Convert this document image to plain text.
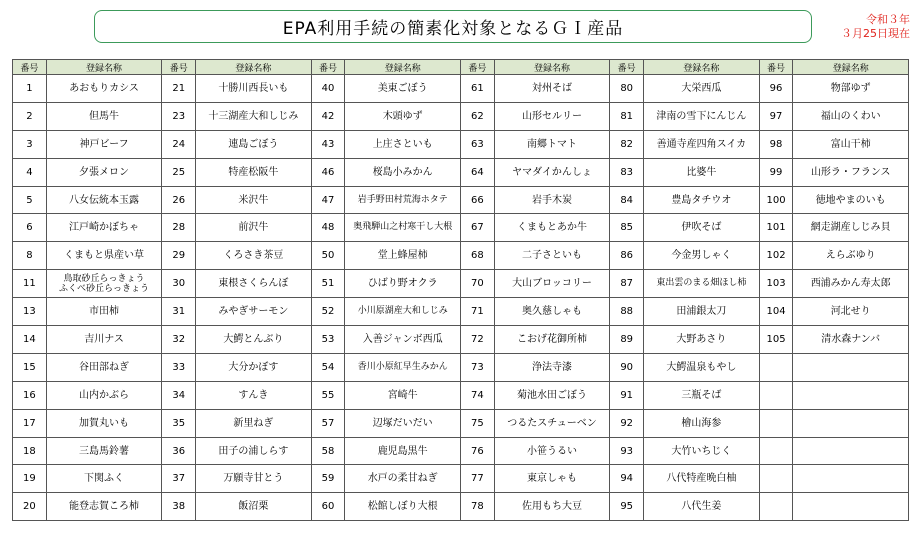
EPA利用手続の簡素化対象となるＧＩ産品	令和３年
３月25日現在
番号	登録名称	番号	登録名称	番号	登録名称	番号	登録名称	番号	登録名称	番号	登録名称
1	あおもりカシス	21	十勝川西長いも	40	美東ごぼう	61	対州そば	80	大栄西瓜	96	物部ゆず
2	但馬牛	23	十三湖産大和しじみ	42	木頭ゆず	62	山形セルリー	81	津南の雪下にんじん	97	福山のくわい
3	神戸ビーフ	24	連島ごぼう	43	上庄さといも	63	南郷トマト	82	善通寺産四角スイカ	98	富山干柿
4	夕張メロン	25	特産松阪牛	46	桜島小みかん	64	ヤマダイかんしょ	83	比婆牛	99	山形ラ・フランス
5	八女伝統本玉露	26	米沢牛	47	岩手野田村荒海ホタテ	66	岩手木炭	84	豊島タチウオ	100	徳地やまのいも
6	江戸崎かぼちゃ	28	前沢牛	48	奥飛騨山之村寒干し大根	67	くまもとあか牛	85	伊吹そば	101	網走湖産しじみ貝
8	くまもと県産い草	29	くろさき茶豆	50	堂上蜂屋柿	68	二子さといも	86	今金男しゃく	102	えらぶゆり
11	鳥取砂丘らっきょう
ふくべ砂丘らっきょう	30	東根さくらんぼ	51	ひばり野オクラ	70	大山ブロッコリー	87	東出雲のまる畑ほし柿	103	西浦みかん寿太郎
13	市田柿	31	みやぎサーモン	52	小川原湖産大和しじみ	71	奥久慈しゃも	88	田浦銀太刀	104	河北せり
14	吉川ナス	32	大鰐とんぶり	53	入善ジャンボ西瓜	72	こおげ花御所柿	89	大野あさり	105	清水森ナンバ
15	谷田部ねぎ	33	大分かぼす	54	香川小原紅早生みかん	73	浄法寺漆	90	大鰐温泉もやし		
16	山内かぶら	34	すんき	55	宮崎牛	74	菊池水田ごぼう	91	三瓶そば		
17	加賀丸いも	35	新里ねぎ	57	辺塚だいだい	75	つるたスチューベン	92	檜山海参		
18	三島馬鈴薯	36	田子の浦しらす	58	鹿児島黒牛	76	小笹うるい	93	大竹いちじく		
19	下関ふく	37	万願寺甘とう	59	水戸の柔甘ねぎ	77	東京しゃも	94	八代特産晩白柚		
20	能登志賀ころ柿	38	飯沼栗	60	松館しぼり大根	78	佐用もち大豆	95	八代生姜		
